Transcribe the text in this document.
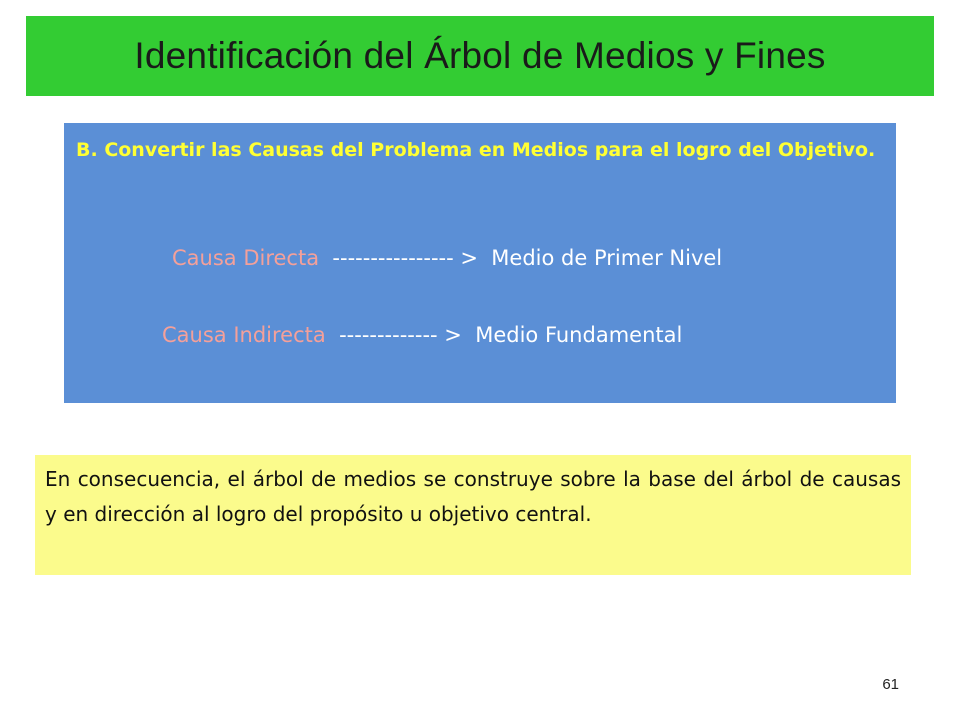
Identificación del Árbol de Medios y Fines

B. Convertir las Causas del Problema en Medios para el logro del Objetivo.

Causa Directa  ---------------- >  Medio de Primer Nivel
Causa Indirecta  ------------- >  Medio Fundamental

En consecuencia, el árbol de medios se construye sobre la base del árbol de causas y en dirección al logro del propósito u objetivo central.

61
